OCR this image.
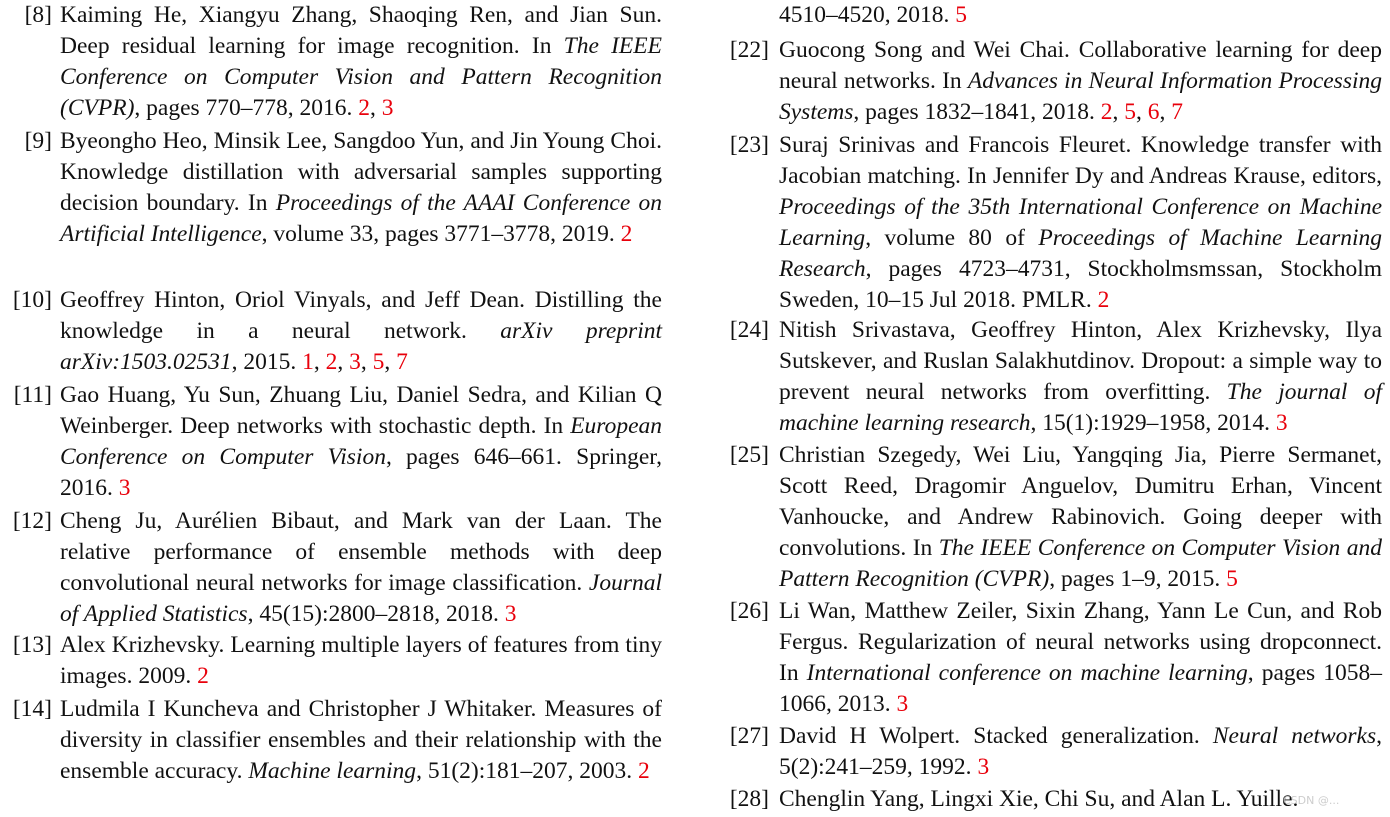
[8] Kaiming He, Xiangyu Zhang, Shaoqing Ren, and Jian Sun. Deep residual learning for image recognition. In The IEEE Conference on Computer Vision and Pattern Recognition (CVPR), pages 770–778, 2016. 2, 3
[9] Byeongho Heo, Minsik Lee, Sangdoo Yun, and Jin Young Choi. Knowledge distillation with adversarial samples supporting decision boundary. In Proceedings of the AAAI Conference on Artificial Intelligence, volume 33, pages 3771–3778, 2019. 2
[10] Geoffrey Hinton, Oriol Vinyals, and Jeff Dean. Distilling the knowledge in a neural network. arXiv preprint arXiv:1503.02531, 2015. 1, 2, 3, 5, 7
[11] Gao Huang, Yu Sun, Zhuang Liu, Daniel Sedra, and Kilian Q Weinberger. Deep networks with stochastic depth. In European Conference on Computer Vision, pages 646–661. Springer, 2016. 3
[12] Cheng Ju, Aurélien Bibaut, and Mark van der Laan. The relative performance of ensemble methods with deep convolutional neural networks for image classification. Journal of Applied Statistics, 45(15):2800–2818, 2018. 3
[13] Alex Krizhevsky. Learning multiple layers of features from tiny images. 2009. 2
[14] Ludmila I Kuncheva and Christopher J Whitaker. Measures of diversity in classifier ensembles and their relationship with the ensemble accuracy. Machine learning, 51(2):181–207, 2003. 2
4510–4520, 2018. 5
[22] Guocong Song and Wei Chai. Collaborative learning for deep neural networks. In Advances in Neural Information Processing Systems, pages 1832–1841, 2018. 2, 5, 6, 7
[23] Suraj Srinivas and Francois Fleuret. Knowledge transfer with Jacobian matching. In Jennifer Dy and Andreas Krause, editors, Proceedings of the 35th International Conference on Machine Learning, volume 80 of Proceedings of Machine Learning Research, pages 4723–4731, Stockholmsmssan, Stockholm Sweden, 10–15 Jul 2018. PMLR. 2
[24] Nitish Srivastava, Geoffrey Hinton, Alex Krizhevsky, Ilya Sutskever, and Ruslan Salakhutdinov. Dropout: a simple way to prevent neural networks from overfitting. The journal of machine learning research, 15(1):1929–1958, 2014. 3
[25] Christian Szegedy, Wei Liu, Yangqing Jia, Pierre Sermanet, Scott Reed, Dragomir Anguelov, Dumitru Erhan, Vincent Vanhoucke, and Andrew Rabinovich. Going deeper with convolutions. In The IEEE Conference on Computer Vision and Pattern Recognition (CVPR), pages 1–9, 2015. 5
[26] Li Wan, Matthew Zeiler, Sixin Zhang, Yann Le Cun, and Rob Fergus. Regularization of neural networks using dropconnect. In International conference on machine learning, pages 1058–1066, 2013. 3
[27] David H Wolpert. Stacked generalization. Neural networks, 5(2):241–259, 1992. 3
[28] Chenglin Yang, Lingxi Xie, Chi Su, and Alan L. Yuille.
CSDN @...
